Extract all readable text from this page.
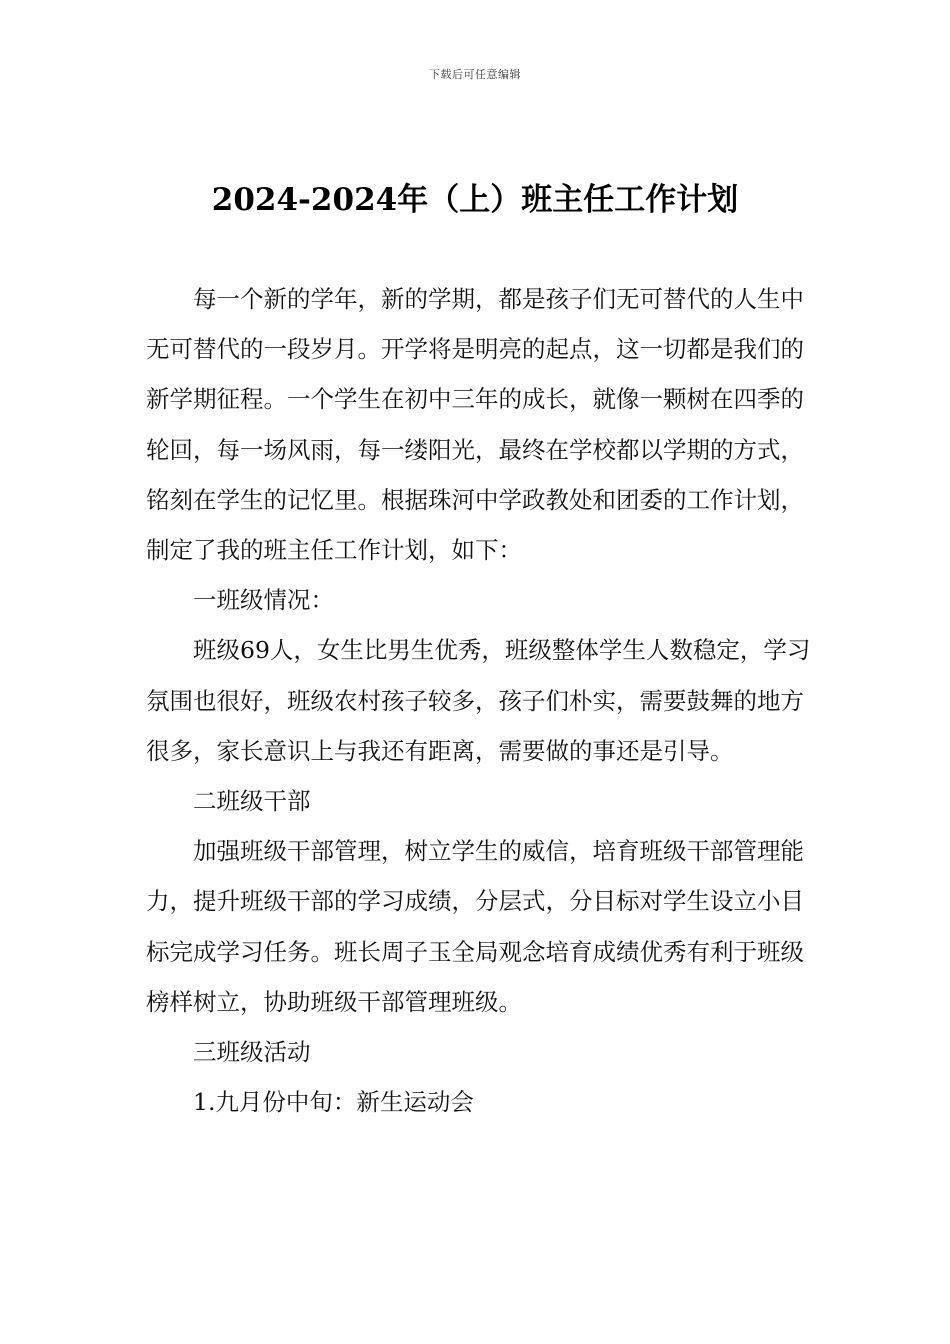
下载后可任意编辑
2024-2024年（上）班主任工作计划

每一个新的学年，新的学期，都是孩子们无可替代的人生中无可替代的一段岁月。开学将是明亮的起点，这一切都是我们的新学期征程。一个学生在初中三年的成长，就像一颗树在四季的轮回，每一场风雨，每一缕阳光，最终在学校都以学期的方式，铭刻在学生的记忆里。根据珠河中学政教处和团委的工作计划，制定了我的班主任工作计划，如下：

一班级情况：

班级69人，女生比男生优秀，班级整体学生人数稳定，学习氛围也很好，班级农村孩子较多，孩子们朴实，需要鼓舞的地方很多，家长意识上与我还有距离，需要做的事还是引导。

二班级干部

加强班级干部管理，树立学生的威信，培育班级干部管理能力，提升班级干部的学习成绩，分层式，分目标对学生设立小目标完成学习任务。班长周子玉全局观念培育成绩优秀有利于班级榜样树立，协助班级干部管理班级。

三班级活动

1.九月份中旬：新生运动会
